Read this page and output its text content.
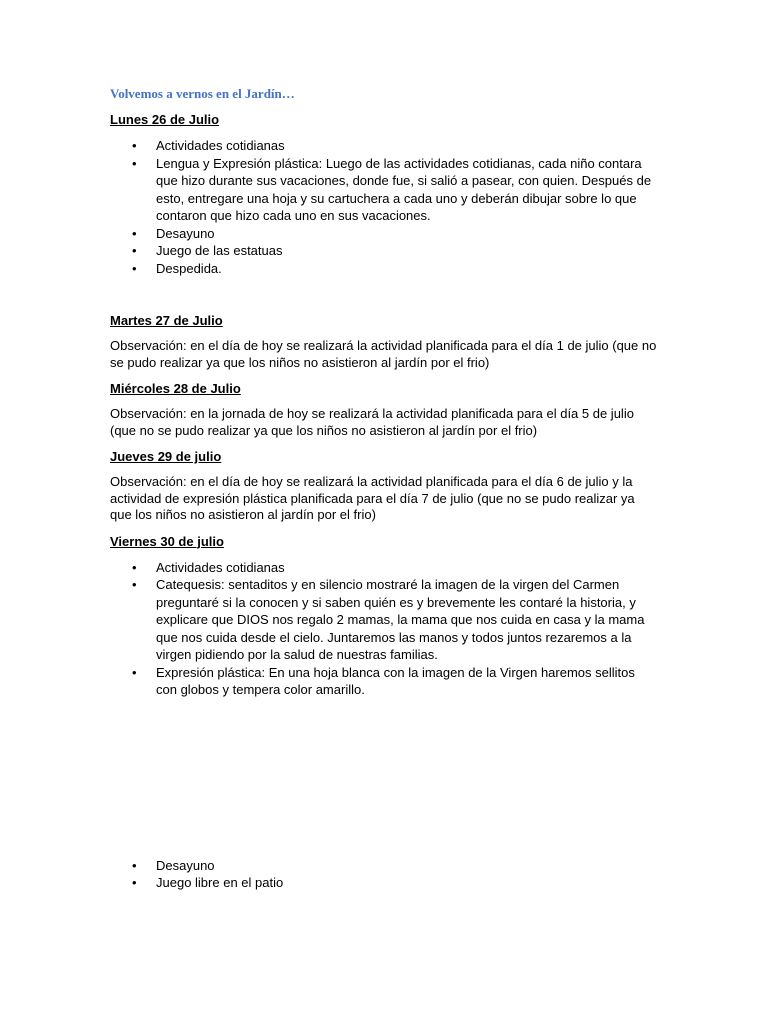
Volvemos a vernos en el Jardín…

Lunes 26 de Julio

• Actividades cotidianas
• Lengua y Expresión plástica: Luego de las actividades cotidianas, cada niño contara que hizo durante sus vacaciones, donde fue, si salió a pasear, con quien. Después de esto, entregare una hoja y su cartuchera a cada uno y deberán dibujar sobre lo que contaron que hizo cada uno en sus vacaciones.
• Desayuno
• Juego de las estatuas
• Despedida.

Martes 27 de Julio

Observación: en el día de hoy se realizará la actividad planificada para el día 1 de julio (que no se pudo realizar ya que los niños no asistieron al jardín por el frio)

Miércoles 28 de Julio

Observación: en la jornada de hoy se realizará la actividad planificada para el día 5 de julio (que no se pudo realizar ya que los niños no asistieron al jardín por el frio)

Jueves 29 de julio

Observación: en el día de hoy se realizará la actividad planificada para el día 6 de julio y la actividad de expresión plástica planificada para el día 7 de julio (que no se pudo realizar ya que los niños no asistieron al jardín por el frio)

Viernes 30 de julio

• Actividades cotidianas
• Catequesis: sentaditos y en silencio mostraré la imagen de la virgen del Carmen preguntaré si la conocen y si saben quién es y brevemente les contaré la historia, y explicare que DIOS nos regalo 2 mamas, la mama que nos cuida en casa y la mama que nos cuida desde el cielo. Juntaremos las manos y todos juntos rezaremos a la virgen pidiendo por la salud de nuestras familias.
• Expresión plástica: En una hoja blanca con la imagen de la Virgen haremos sellitos con globos y tempera color amarillo.
• Desayuno
• Juego libre en el patio
